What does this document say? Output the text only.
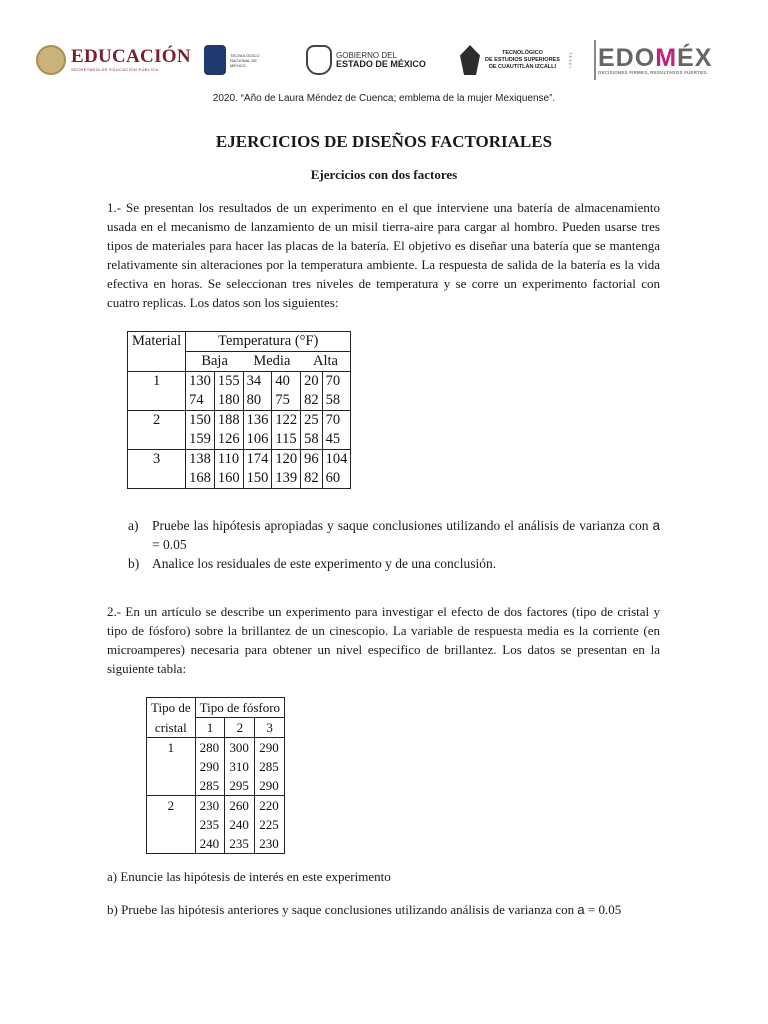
EDUCACIÓN
SECRETARÍA DE EDUCACIÓN PÚBLICA
TECNOLÓGICO NACIONAL DE MÉXICO
GOBIERNO DEL
ESTADO DE MÉXICO
TECNOLÓGICO
DE ESTUDIOS SUPERIORES
DE CUAUTITLÁN IZCALLI	TESCI EDOMÉX
DECISIONES FIRMES, RESULTADOS FUERTES.
2020. “Año de Laura Méndez de Cuenca; emblema de la mujer Mexiquense”.
EJERCICIOS DE DISEÑOS FACTORIALES
Ejercicios con dos factores
1.- Se presentan los resultados de un experimento en el que interviene una batería de almacenamiento usada en el mecanismo de lanzamiento de un misil tierra-aire para cargar al hombro. Pueden usarse tres tipos de materiales para hacer las placas de la batería. El objetivo es diseñar una batería que se mantenga relativamente sin alteraciones por la temperatura ambiente. La respuesta de salida de la batería es la vida efectiva en horas. Se seleccionan tres niveles de temperatura y se corre un experimento factorial con cuatro replicas. Los datos son los siguientes:
Material	Temperatura (°F)					
	Baja		Media		Alta	
1	130	155	34	40	20	70
	74	180	80	75	82	58
2	150	188	136	122	25	70
	159	126	106	115	58	45
3	138	110	174	120	96	104
	168	160	150	139	82	60
a)	Pruebe las hipótesis apropiadas y saque conclusiones utilizando el análisis de varianza con a = 0.05
b) Analice los residuales de este experimento y de una conclusión.
2.- En un artículo se describe un experimento para investigar el efecto de dos factores (tipo de cristal y tipo de fósforo) sobre la brillantez de un cinescopio. La variable de respuesta media es la corriente (en microamperes) necesaria para obtener un nivel especifico de brillantez. Los datos se presentan en la siguiente tabla:
Tipo de	Tipo de fósforo		
cristal	1	2	3
1	280	300	290
	290	310	285
	285	295	290
2	230	260	220
	235	240	225
	240	235	230
a) Enuncie las hipótesis de interés en este experimento
b) Pruebe las hipótesis anteriores y saque conclusiones utilizando análisis de varianza con a = 0.05
